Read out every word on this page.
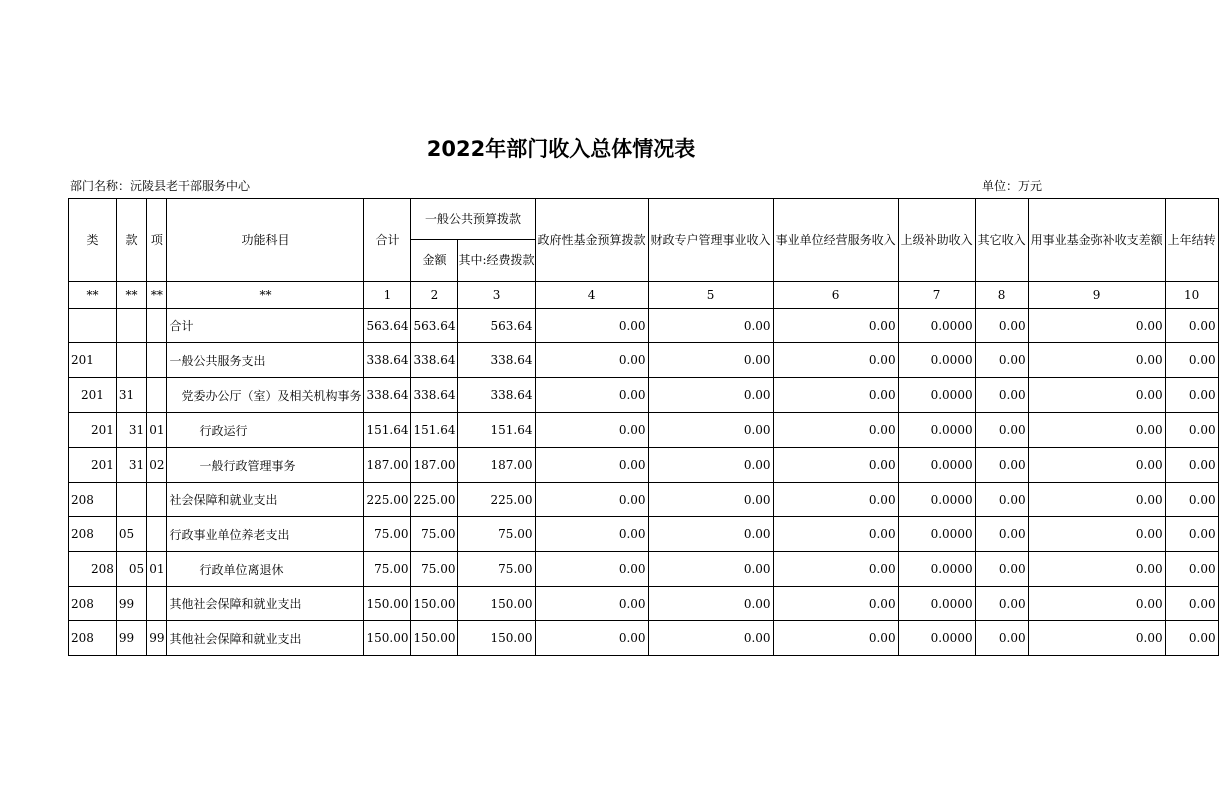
2022年部门收入总体情况表
部门名称：沅陵县老干部服务中心	单位：万元
类	款	项	功能科目	合计	一般公共预算拨款		政府性基金预算拨款	财政专户管理事业收入	事业单位经营服务收入	上级补助收入	其它收入	用事业基金弥补收支差额	上年结转
					金额	其中:经费拨款							
**	**	**	**	1	2	3	4	5	6	7	8	9	10
			合计	563.64	563.64	563.64	0.00	0.00	0.00	0.0000	0.00	0.00	0.00
201			一般公共服务支出	338.64	338.64	338.64	0.00	0.00	0.00	0.0000	0.00	0.00	0.00
201	31		党委办公厅（室）及相关机构事务	338.64	338.64	338.64	0.00	0.00	0.00	0.0000	0.00	0.00	0.00
201	31	01	行政运行	151.64	151.64	151.64	0.00	0.00	0.00	0.0000	0.00	0.00	0.00
201	31	02	一般行政管理事务	187.00	187.00	187.00	0.00	0.00	0.00	0.0000	0.00	0.00	0.00
208			社会保障和就业支出	225.00	225.00	225.00	0.00	0.00	0.00	0.0000	0.00	0.00	0.00
208	05		行政事业单位养老支出	75.00	75.00	75.00	0.00	0.00	0.00	0.0000	0.00	0.00	0.00
208	05	01	行政单位离退休	75.00	75.00	75.00	0.00	0.00	0.00	0.0000	0.00	0.00	0.00
208	99		其他社会保障和就业支出	150.00	150.00	150.00	0.00	0.00	0.00	0.0000	0.00	0.00	0.00
208	99	99	其他社会保障和就业支出	150.00	150.00	150.00	0.00	0.00	0.00	0.0000	0.00	0.00	0.00
